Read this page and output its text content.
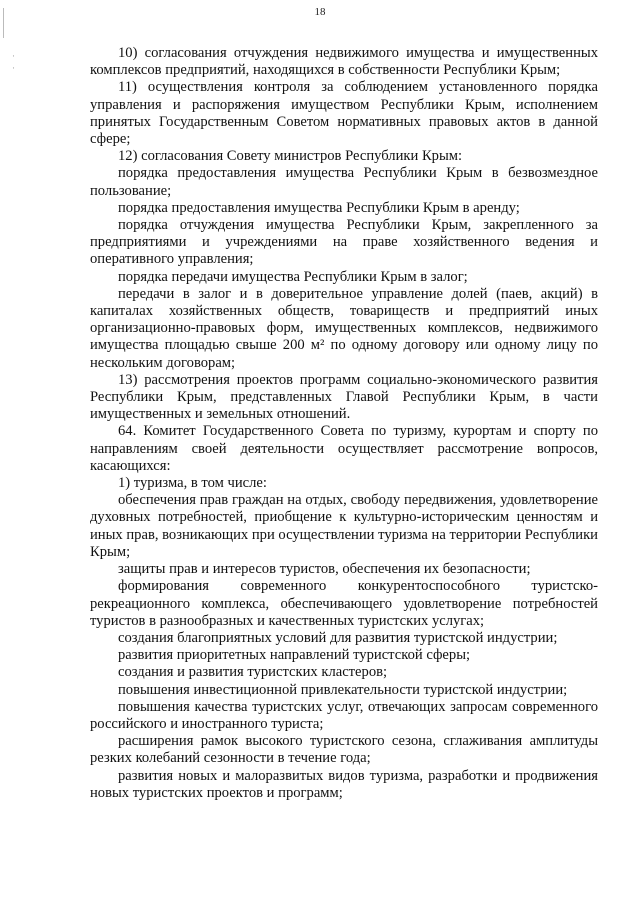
·
·
18

10) согласования отчуждения недвижимого имущества и имущественных комплексов предприятий, находящихся в собственности Республики Крым;

11) осуществления контроля за соблюдением установленного порядка управления и распоряжения имуществом Республики Крым, исполнением принятых Государственным Советом нормативных правовых актов в данной сфере;

12) согласования Совету министров Республики Крым:

порядка предоставления имущества Республики Крым в безвозмездное пользование;

порядка предоставления имущества Республики Крым в аренду;

порядка отчуждения имущества Республики Крым, закрепленного за предприятиями и учреждениями на праве хозяйственного ведения и оперативного управления;

порядка передачи имущества Республики Крым в залог;

передачи в залог и в доверительное управление долей (паев, акций) в капиталах хозяйственных обществ, товариществ и предприятий иных организационно-правовых форм, имущественных комплексов, недвижимого имущества площадью свыше 200 м² по одному договору или одному лицу по нескольким договорам;

13) рассмотрения проектов программ социально-экономического развития Республики Крым, представленных Главой Республики Крым, в части имущественных и земельных отношений.

64. Комитет Государственного Совета по туризму, курортам и спорту по направлениям своей деятельности осуществляет рассмотрение вопросов, касающихся:

1) туризма, в том числе:

обеспечения прав граждан на отдых, свободу передвижения, удовлетворение духовных потребностей, приобщение к культурно-историческим ценностям и иных прав, возникающих при осуществлении туризма на территории Республики Крым;

защиты прав и интересов туристов, обеспечения их безопасности;

формирования современного конкурентоспособного туристско-рекреационного комплекса, обеспечивающего удовлетворение потребностей туристов в разнообразных и качественных туристских услугах;

создания благоприятных условий для развития туристской индустрии;

развития приоритетных направлений туристской сферы;

создания и развития туристских кластеров;

повышения инвестиционной привлекательности туристской индустрии;

повышения качества туристских услуг, отвечающих запросам современного российского и иностранного туриста;

расширения рамок высокого туристского сезона, сглаживания амплитуды резких колебаний сезонности в течение года;

развития новых и малоразвитых видов туризма, разработки и продвижения новых туристских проектов и программ;
